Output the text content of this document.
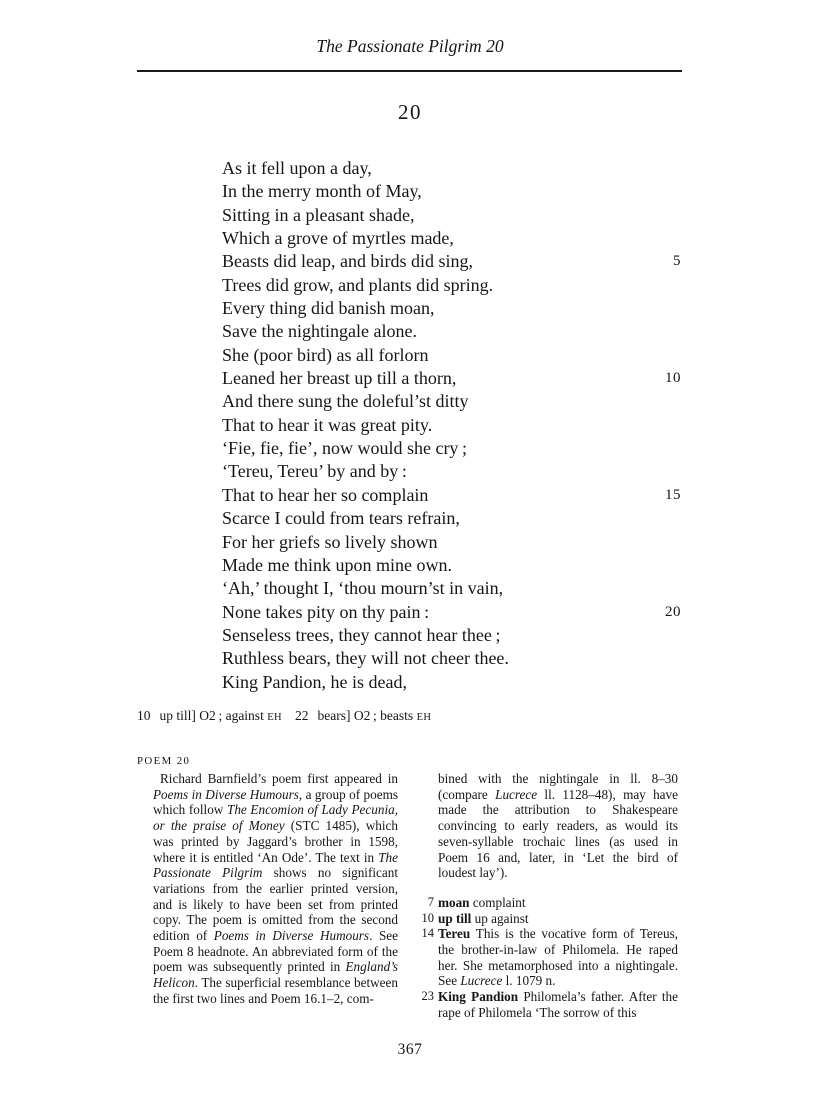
The Passionate Pilgrim 20
20
As it fell upon a day,
In the merry month of May,
Sitting in a pleasant shade,
Which a grove of myrtles made,
Beasts did leap, and birds did sing,	5
Trees did grow, and plants did spring.
Every thing did banish moan,
Save the nightingale alone.
She (poor bird) as all forlorn
Leaned her breast up till a thorn,	10
And there sung the doleful’st ditty
That to hear it was great pity.
‘Fie, fie, fie’, now would she cry ;
‘Tereu, Tereu’ by and by :
That to hear her so complain	15
Scarce I could from tears refrain,
For her griefs so lively shown
Made me think upon mine own.
‘Ah,’ thought I, ‘thou mourn’st in vain,
None takes pity on thy pain :	20
Senseless trees, they cannot hear thee ;
Ruthless bears, they will not cheer thee.
King Pandion, he is dead,
10 up till] O2 ; against EH 22 bears] O2 ; beasts EH
POEM 20
Richard Barnfield’s poem first appeared in Poems in Diverse Humours, a group of poems which follow The Encomion of Lady Pecunia, or the praise of Money (STC 1485), which was printed by Jaggard’s brother in 1598, where it is entitled ‘An Ode’. The text in The Passionate Pilgrim shows no significant variations from the earlier printed version, and is likely to have been set from printed copy. The poem is omitted from the second edition of Poems in Diverse Humours. See Poem 8 headnote. An abbreviated form of the poem was subsequently printed in England’s Helicon. The superficial resemblance between the first two lines and Poem 16.1–2, com-
bined with the nightingale in ll. 8–30 (compare Lucrece ll. 1128–48), may have made the attribution to Shakespeare convincing to early readers, as would its seven-syllable trochaic lines (as used in Poem 16 and, later, in ‘Let the bird of loudest lay’).
7 moan complaint
10 up till up against
14 Tereu This is the vocative form of Tereus, the brother-in-law of Philomela. He raped her. She metamorphosed into a nightingale. See Lucrece l. 1079 n.
23 King Pandion Philomela’s father. After the rape of Philomela ‘The sorrow of this
367
